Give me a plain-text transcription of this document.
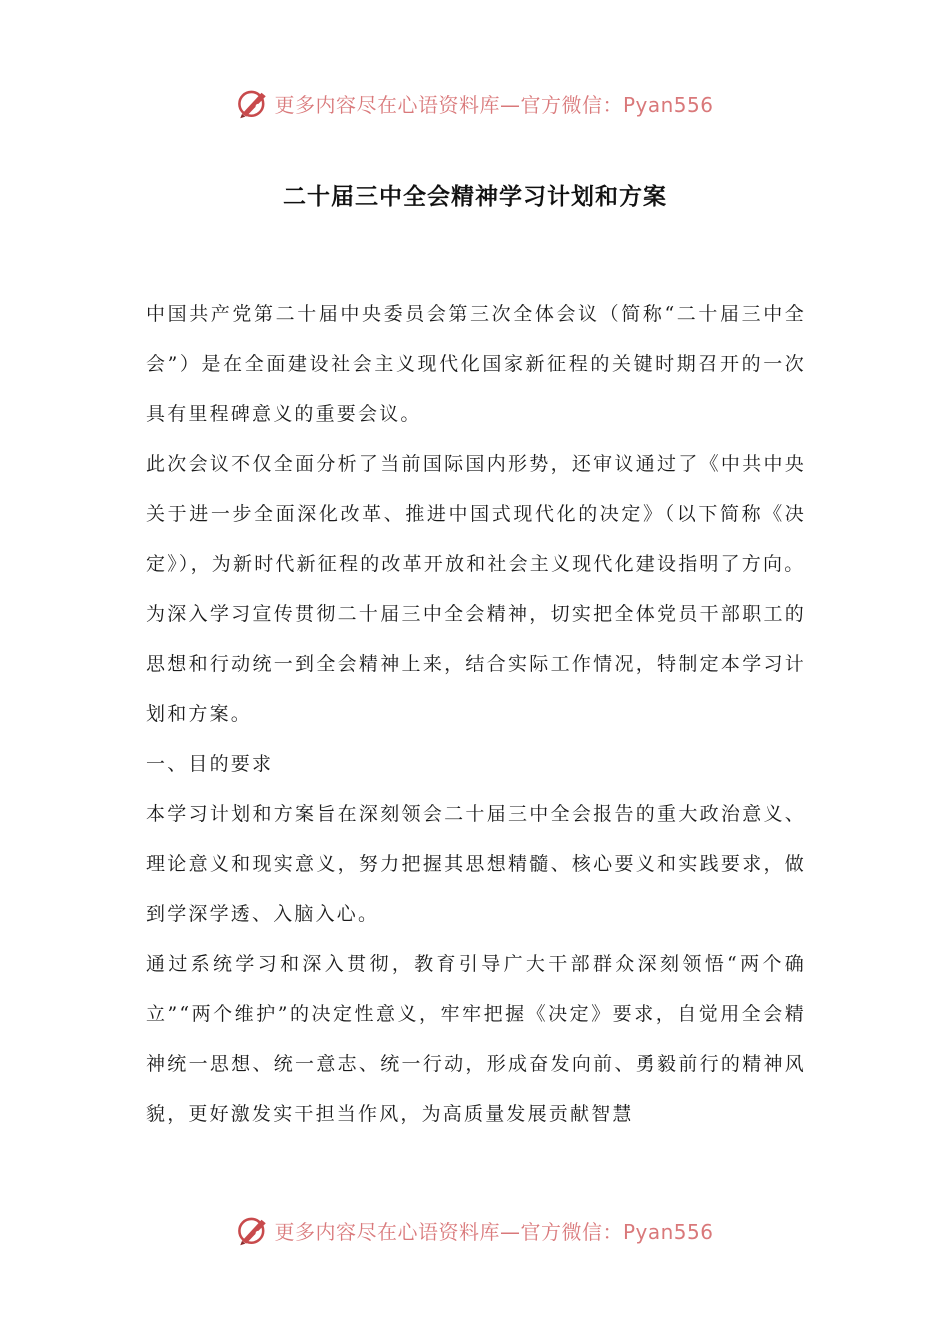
更多内容尽在心语资料库—官方微信：Pyan556
二十届三中全会精神学习计划和方案

中国共产党第二十届中央委员会第三次全体会议（简称“二十届三中全会”）是在全面建设社会主义现代化国家新征程的关键时期召开的一次具有里程碑意义的重要会议。

此次会议不仅全面分析了当前国际国内形势，还审议通过了《中共中央关于进一步全面深化改革、推进中国式现代化的决定》（以下简称《决定》），为新时代新征程的改革开放和社会主义现代化建设指明了方向。

为深入学习宣传贯彻二十届三中全会精神，切实把全体党员干部职工的思想和行动统一到全会精神上来，结合实际工作情况，特制定本学习计划和方案。

一、目的要求

本学习计划和方案旨在深刻领会二十届三中全会报告的重大政治意义、理论意义和现实意义，努力把握其思想精髓、核心要义和实践要求，做到学深学透、入脑入心。

通过系统学习和深入贯彻，教育引导广大干部群众深刻领悟“两个确立”“两个维护”的决定性意义，牢牢把握《决定》要求，自觉用全会精神统一思想、统一意志、统一行动，形成奋发向前、勇毅前行的精神风貌，更好激发实干担当作风，为高质量发展贡献智慧

更多内容尽在心语资料库—官方微信：Pyan556
